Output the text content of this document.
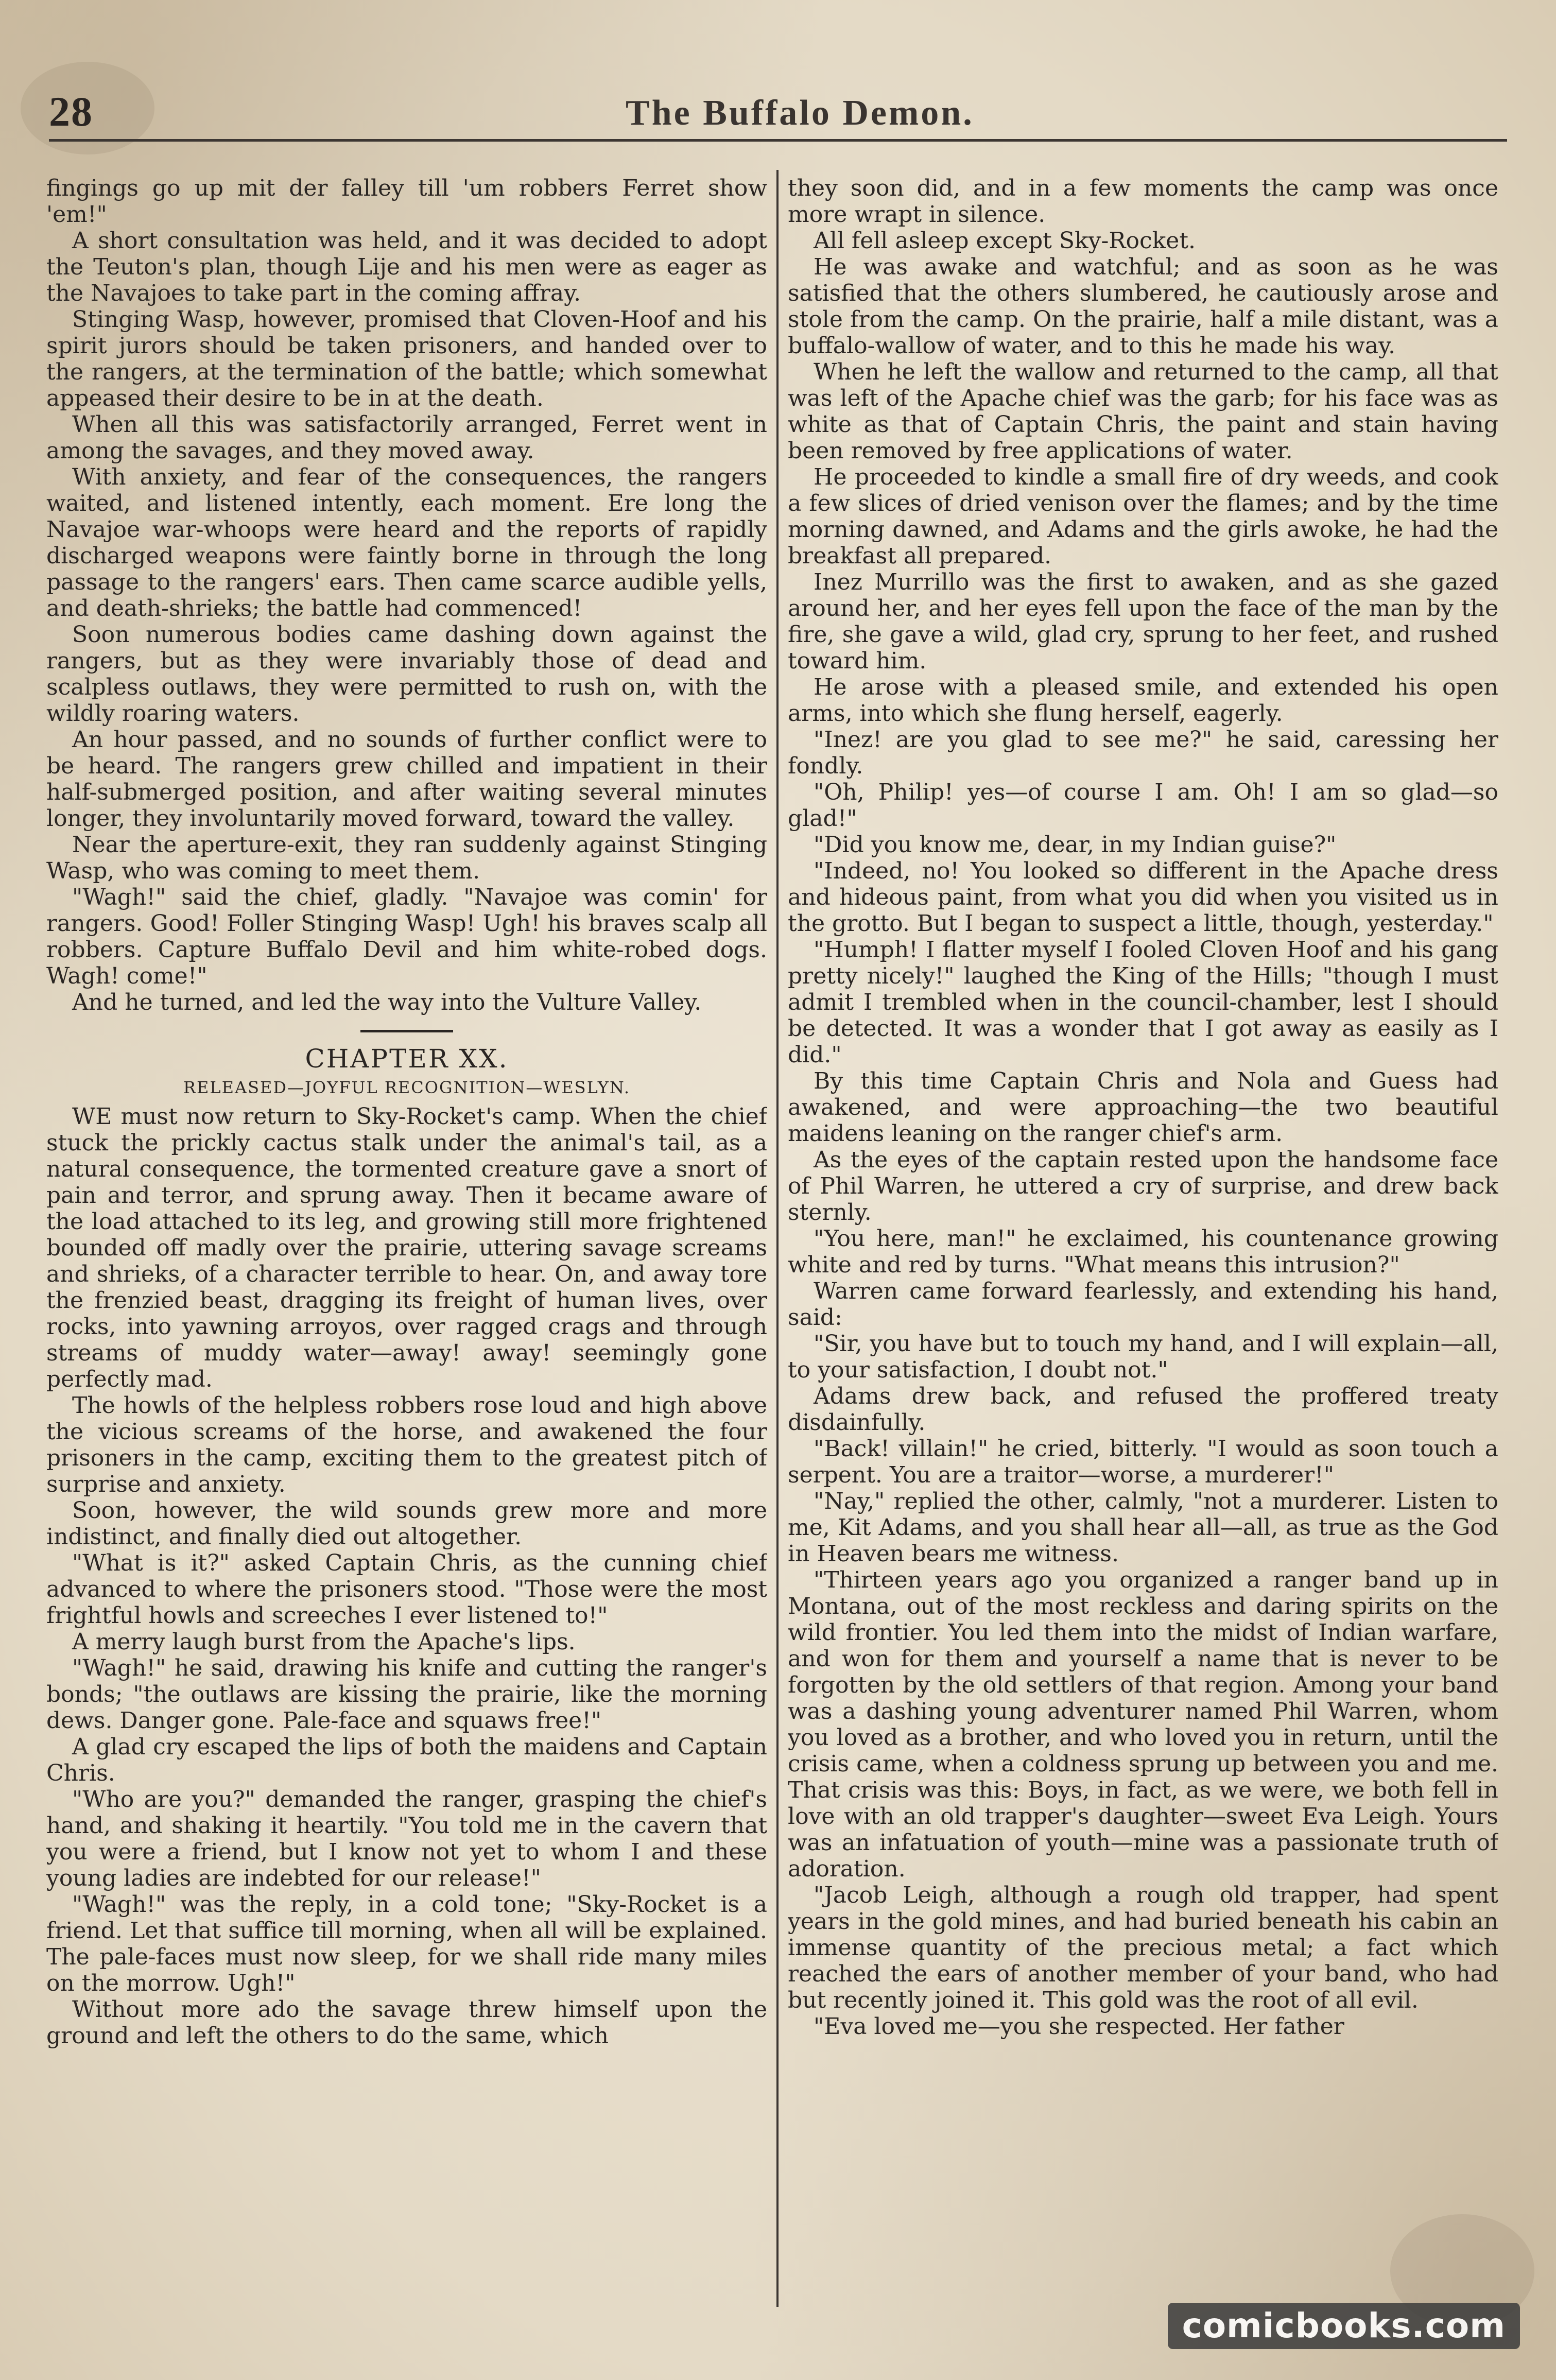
28	The Buffalo Demon.

fingings go up mit der falley till 'um robbers Ferret show 'em!"

A short consultation was held, and it was decided to adopt the Teuton's plan, though Lije and his men were as eager as the Navajoes to take part in the coming affray.

Stinging Wasp, however, promised that Cloven-Hoof and his spirit jurors should be taken prisoners, and handed over to the rangers, at the termination of the battle; which somewhat appeased their desire to be in at the death.

When all this was satisfactorily arranged, Ferret went in among the savages, and they moved away.

With anxiety, and fear of the consequences, the rangers waited, and listened intently, each moment. Ere long the Navajoe war-whoops were heard and the reports of rapidly discharged weapons were faintly borne in through the long passage to the rangers' ears. Then came scarce audible yells, and death-shrieks; the battle had commenced!

Soon numerous bodies came dashing down against the rangers, but as they were invariably those of dead and scalpless outlaws, they were permitted to rush on, with the wildly roaring waters.

An hour passed, and no sounds of further conflict were to be heard. The rangers grew chilled and impatient in their half-submerged position, and after waiting several minutes longer, they involuntarily moved forward, toward the valley.

Near the aperture-exit, they ran suddenly against Stinging Wasp, who was coming to meet them.

"Wagh!" said the chief, gladly. "Navajoe was comin' for rangers. Good! Foller Stinging Wasp! Ugh! his braves scalp all robbers. Capture Buffalo Devil and him white-robed dogs. Wagh! come!"

And he turned, and led the way into the Vulture Valley.

CHAPTER XX.
RELEASED—JOYFUL RECOGNITION—WESLYN.

WE must now return to Sky-Rocket's camp. When the chief stuck the prickly cactus stalk under the animal's tail, as a natural consequence, the tormented creature gave a snort of pain and terror, and sprung away. Then it became aware of the load attached to its leg, and growing still more frightened bounded off madly over the prairie, uttering savage screams and shrieks, of a character terrible to hear. On, and away tore the frenzied beast, dragging its freight of human lives, over rocks, into yawning arroyos, over ragged crags and through streams of muddy water—away! away! seemingly gone perfectly mad.

The howls of the helpless robbers rose loud and high above the vicious screams of the horse, and awakened the four prisoners in the camp, exciting them to the greatest pitch of surprise and anxiety.

Soon, however, the wild sounds grew more and more indistinct, and finally died out altogether.

"What is it?" asked Captain Chris, as the cunning chief advanced to where the prisoners stood. "Those were the most frightful howls and screeches I ever listened to!"

A merry laugh burst from the Apache's lips.

"Wagh!" he said, drawing his knife and cutting the ranger's bonds; "the outlaws are kissing the prairie, like the morning dews. Danger gone. Pale-face and squaws free!"

A glad cry escaped the lips of both the maidens and Captain Chris.

"Who are you?" demanded the ranger, grasping the chief's hand, and shaking it heartily. "You told me in the cavern that you were a friend, but I know not yet to whom I and these young ladies are indebted for our release!"

"Wagh!" was the reply, in a cold tone; "Sky-Rocket is a friend. Let that suffice till morning, when all will be explained. The pale-faces must now sleep, for we shall ride many miles on the morrow. Ugh!"

Without more ado the savage threw himself upon the ground and left the others to do the same, which

they soon did, and in a few moments the camp was once more wrapt in silence.

All fell asleep except Sky-Rocket.

He was awake and watchful; and as soon as he was satisfied that the others slumbered, he cautiously arose and stole from the camp. On the prairie, half a mile distant, was a buffalo-wallow of water, and to this he made his way.

When he left the wallow and returned to the camp, all that was left of the Apache chief was the garb; for his face was as white as that of Captain Chris, the paint and stain having been removed by free applications of water.

He proceeded to kindle a small fire of dry weeds, and cook a few slices of dried venison over the flames; and by the time morning dawned, and Adams and the girls awoke, he had the breakfast all prepared.

Inez Murrillo was the first to awaken, and as she gazed around her, and her eyes fell upon the face of the man by the fire, she gave a wild, glad cry, sprung to her feet, and rushed toward him.

He arose with a pleased smile, and extended his open arms, into which she flung herself, eagerly.

"Inez! are you glad to see me?" he said, caressing her fondly.

"Oh, Philip! yes—of course I am. Oh! I am so glad—so glad!"

"Did you know me, dear, in my Indian guise?"

"Indeed, no! You looked so different in the Apache dress and hideous paint, from what you did when you visited us in the grotto. But I began to suspect a little, though, yesterday."

"Humph! I flatter myself I fooled Cloven Hoof and his gang pretty nicely!" laughed the King of the Hills; "though I must admit I trembled when in the council-chamber, lest I should be detected. It was a wonder that I got away as easily as I did."

By this time Captain Chris and Nola and Guess had awakened, and were approaching—the two beautiful maidens leaning on the ranger chief's arm.

As the eyes of the captain rested upon the handsome face of Phil Warren, he uttered a cry of surprise, and drew back sternly.

"You here, man!" he exclaimed, his countenance growing white and red by turns. "What means this intrusion?"

Warren came forward fearlessly, and extending his hand, said:

"Sir, you have but to touch my hand, and I will explain—all, to your satisfaction, I doubt not."

Adams drew back, and refused the proffered treaty disdainfully.

"Back! villain!" he cried, bitterly. "I would as soon touch a serpent. You are a traitor—worse, a murderer!"

"Nay," replied the other, calmly, "not a murderer. Listen to me, Kit Adams, and you shall hear all—all, as true as the God in Heaven bears me witness.

"Thirteen years ago you organized a ranger band up in Montana, out of the most reckless and daring spirits on the wild frontier. You led them into the midst of Indian warfare, and won for them and yourself a name that is never to be forgotten by the old settlers of that region. Among your band was a dashing young adventurer named Phil Warren, whom you loved as a brother, and who loved you in return, until the crisis came, when a coldness sprung up between you and me. That crisis was this: Boys, in fact, as we were, we both fell in love with an old trapper's daughter—sweet Eva Leigh. Yours was an infatuation of youth—mine was a passionate truth of adoration.

"Jacob Leigh, although a rough old trapper, had spent years in the gold mines, and had buried beneath his cabin an immense quantity of the precious metal; a fact which reached the ears of another member of your band, who had but recently joined it. This gold was the root of all evil.

"Eva loved me—you she respected. Her father

comicbooks.com
